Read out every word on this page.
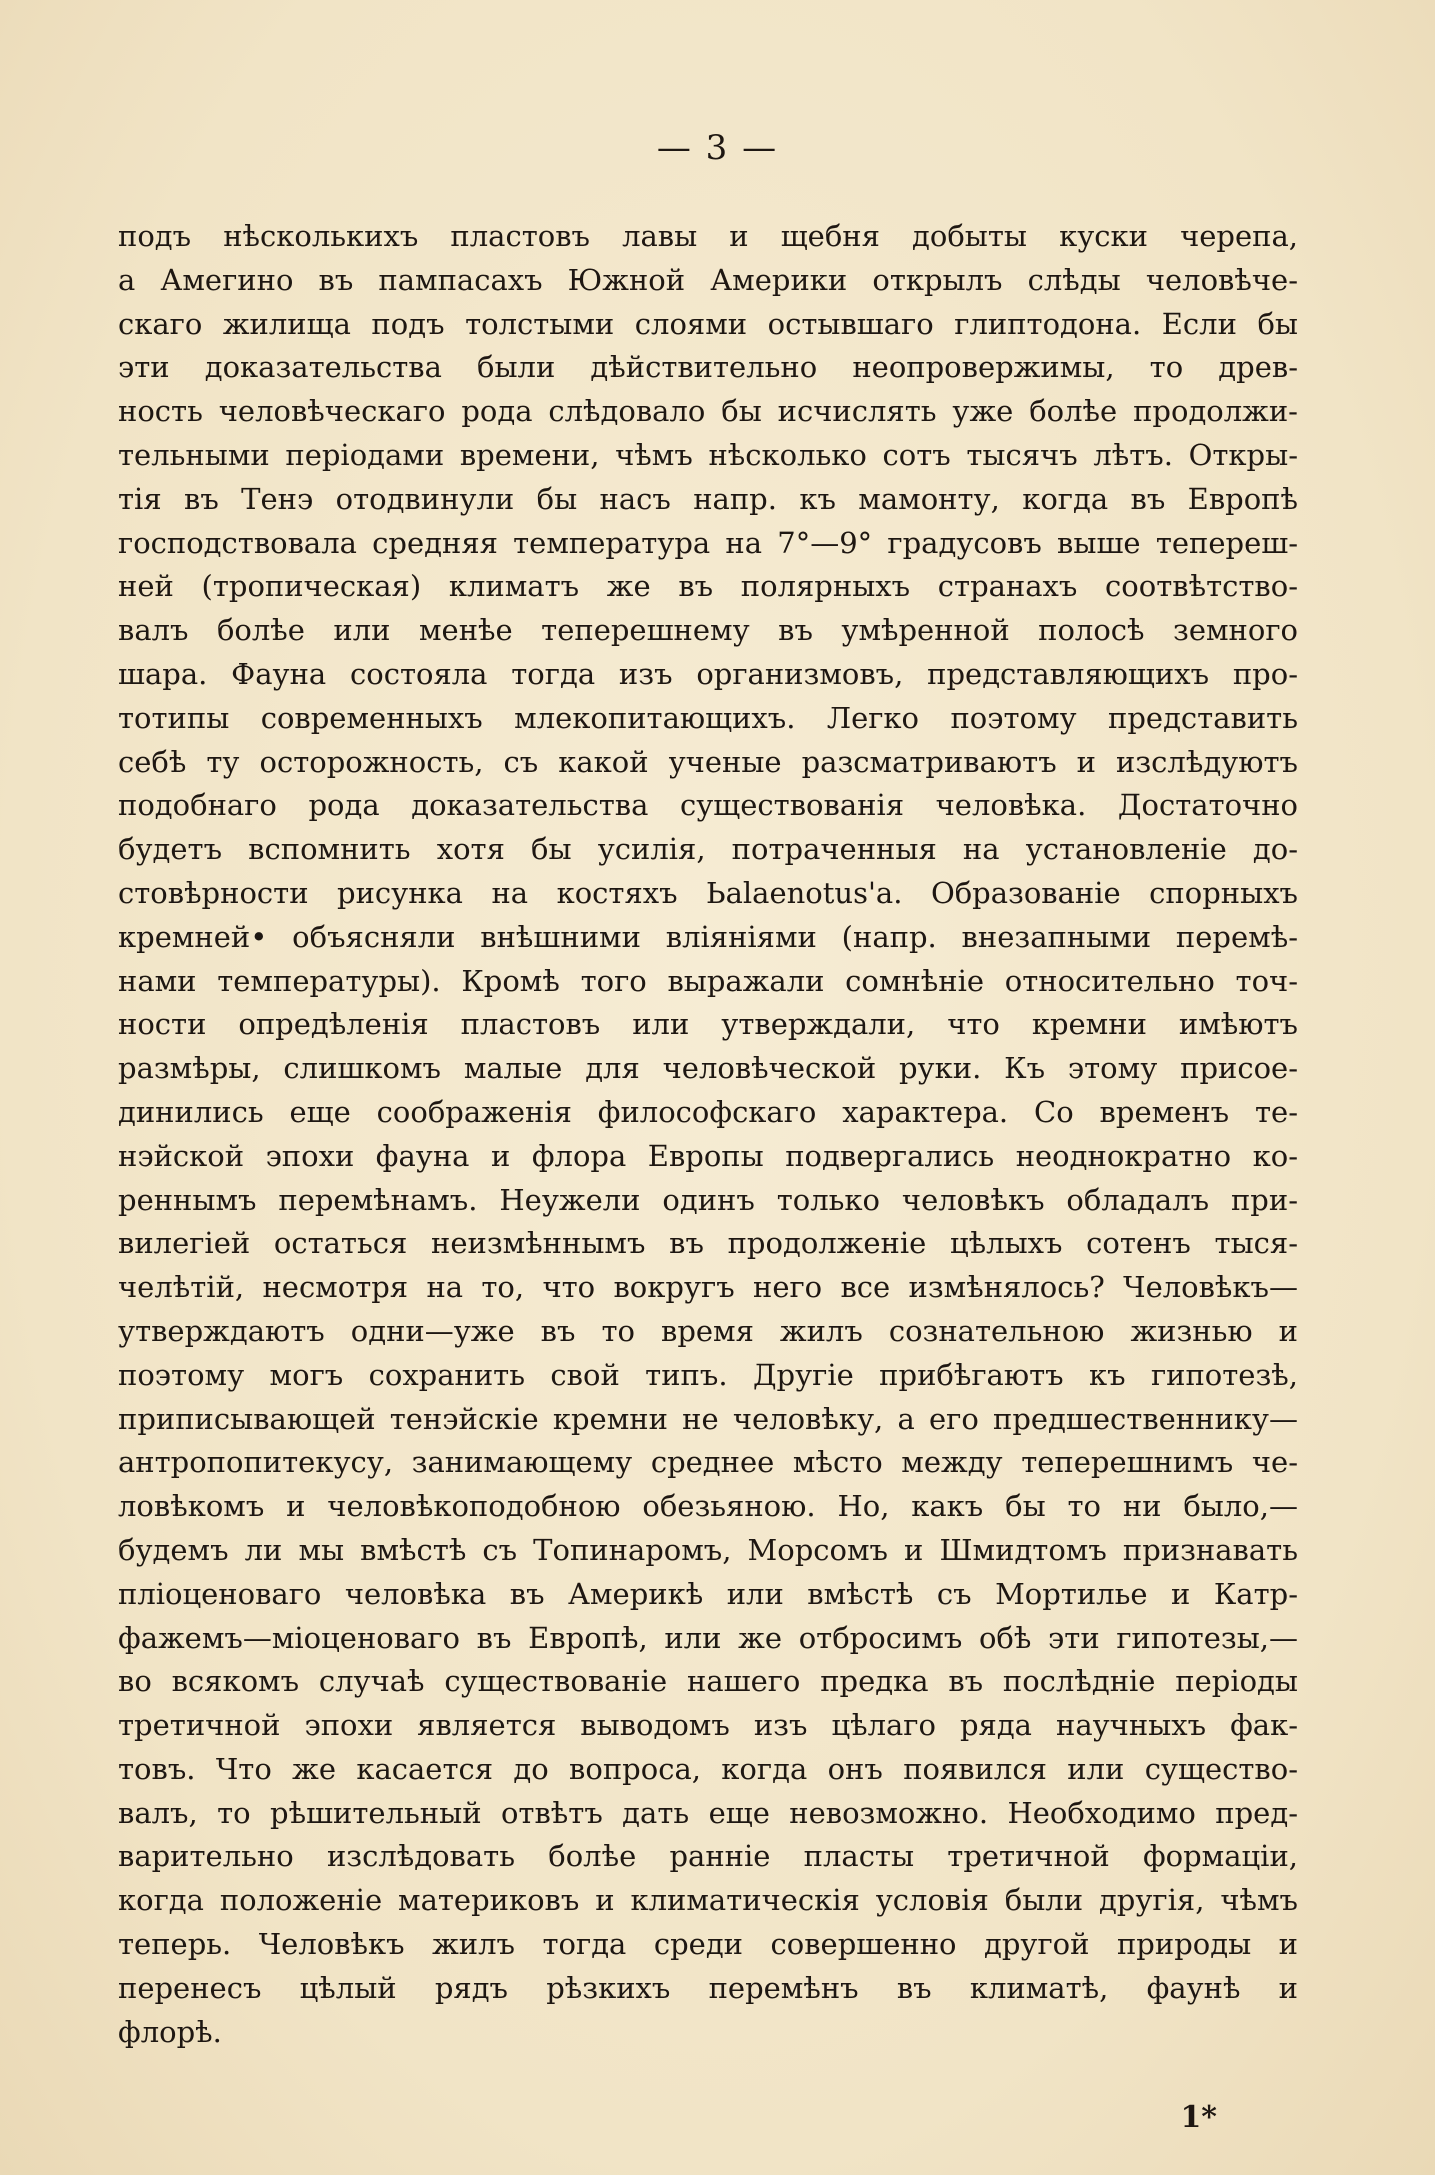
— 3 —
подъ нѣсколькихъ пластовъ лавы и щебня добыты куски черепа,
а Амегино въ пампасахъ Южной Америки открылъ слѣды человѣче-
скаго жилища подъ толстыми слоями остывшаго глиптодона. Если бы
эти доказательства были дѣйствительно неопровержимы, то древ-
ность человѣческаго рода слѣдовало бы исчислять уже болѣе продолжи-
тельными періодами времени, чѣмъ нѣсколько сотъ тысячъ лѣтъ. Откры-
тія въ Тенэ отодвинули бы насъ напр. къ мамонту, когда въ Европѣ
господствовала средняя температура на 7°—9° градусовъ выше тепереш-
ней (тропическая) климатъ же въ полярныхъ странахъ соотвѣтство-
валъ болѣе или менѣе теперешнему въ умѣренной полосѣ земного
шара. Фауна состояла тогда изъ организмовъ, представляющихъ про-
тотипы современныхъ млекопитающихъ. Легко поэтому представить
себѣ ту осторожность, съ какой ученые разсматриваютъ и изслѣдуютъ
подобнаго рода доказательства существованія человѣка. Достаточно
будетъ вспомнить хотя бы усилія, потраченныя на установленіе до-
стовѣрности рисунка на костяхъ Ьаlаеnоtus'а. Образованіе спорныхъ
кремней• объясняли внѣшними вліяніями (напр. внезапными перемѣ-
нами температуры). Кромѣ того выражали сомнѣніе относительно точ-
ности опредѣленія пластовъ или утверждали, что кремни имѣютъ
размѣры, слишкомъ малые для человѣческой руки. Къ этому присое-
динились еще соображенія философскаго характера. Со временъ те-
нэйской эпохи фауна и флора Европы подвергались неоднократно ко-
реннымъ перемѣнамъ. Неужели одинъ только человѣкъ обладалъ при-
вилегіей остаться неизмѣннымъ въ продолженіе цѣлыхъ сотенъ тыся-
челѣтій, несмотря на то, что вокругъ него все измѣнялось? Человѣкъ—
утверждаютъ одни—уже въ то время жилъ сознательною жизнью и
поэтому могъ сохранить свой типъ. Другіе прибѣгаютъ къ гипотезѣ,
приписывающей тенэйскіе кремни не человѣку, а его предшественнику—
антропопитекусу, занимающему среднее мѣсто между теперешнимъ че-
ловѣкомъ и человѣкоподобною обезьяною. Но, какъ бы то ни было,—
будемъ ли мы вмѣстѣ съ Топинаромъ, Морсомъ и Шмидтомъ признавать
пліоценоваго человѣка въ Америкѣ или вмѣстѣ съ Мортилье и Катр-
фажемъ—міоценоваго въ Европѣ, или же отбросимъ обѣ эти гипотезы,—
во всякомъ случаѣ существованіе нашего предка въ послѣдніе періоды
третичной эпохи является выводомъ изъ цѣлаго ряда научныхъ фак-
товъ. Что же касается до вопроса, когда онъ появился или существо-
валъ, то рѣшительный отвѣтъ дать еще невозможно. Необходимо пред-
варительно изслѣдовать болѣе ранніе пласты третичной формаціи,
когда положеніе материковъ и климатическія условія были другія, чѣмъ
теперь. Человѣкъ жилъ тогда среди совершенно другой природы и
перенесъ цѣлый рядъ рѣзкихъ перемѣнъ въ климатѣ, фаунѣ и
флорѣ.
1*
